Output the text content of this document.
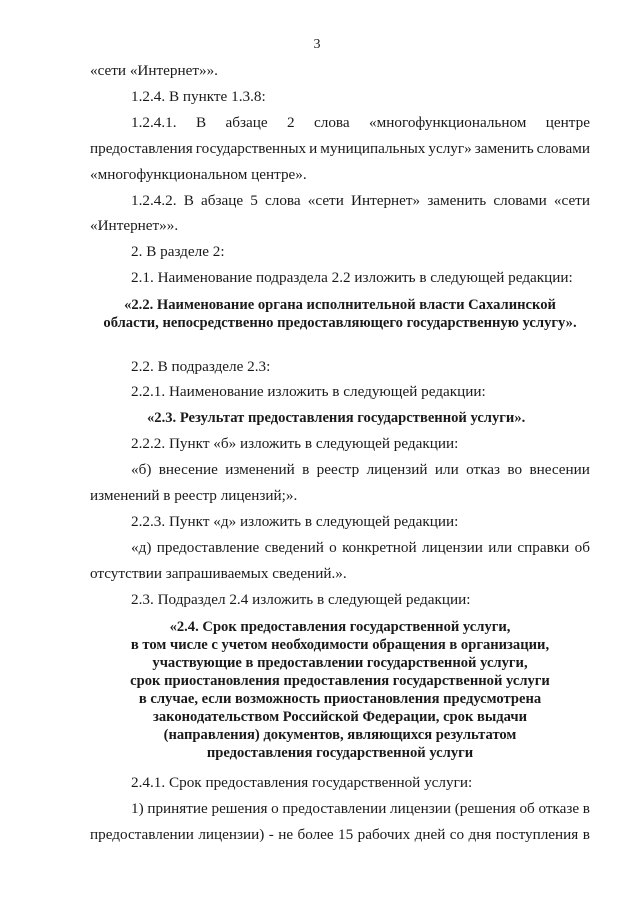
3

«сети «Интернет»».

1.2.4. В пункте 1.3.8:

1.2.4.1. В абзаце 2 слова «многофункциональном центре

предоставления государственных и муниципальных услуг» заменить словами

«многофункциональном центре».

1.2.4.2. В абзаце 5 слова «сети Интернет» заменить словами «сети

«Интернет»».

2. В разделе 2:

2.1. Наименование подраздела 2.2 изложить в следующей редакции:

«2.2. Наименование органа исполнительной власти Сахалинской

области, непосредственно предоставляющего государственную услугу».

2.2. В подразделе 2.3:

2.2.1. Наименование изложить в следующей редакции:

«2.3. Результат предоставления государственной услуги».

2.2.2. Пункт «б» изложить в следующей редакции:

«б) внесение изменений в реестр лицензий или отказ во внесении

изменений в реестр лицензий;».

2.2.3. Пункт «д» изложить в следующей редакции:

«д) предоставление сведений о конкретной лицензии или справки об

отсутствии запрашиваемых сведений.».

2.3. Подраздел 2.4 изложить в следующей редакции:

«2.4. Срок предоставления государственной услуги,

в том числе с учетом необходимости обращения в организации,

участвующие в предоставлении государственной услуги,

срок приостановления предоставления государственной услуги

в случае, если возможность приостановления предусмотрена

законодательством Российской Федерации, срок выдачи

(направления) документов, являющихся результатом

предоставления государственной услуги

2.4.1. Срок предоставления государственной услуги:

1) принятие решения о предоставлении лицензии (решения об отказе в

предоставлении лицензии) - не более 15 рабочих дней со дня поступления в
